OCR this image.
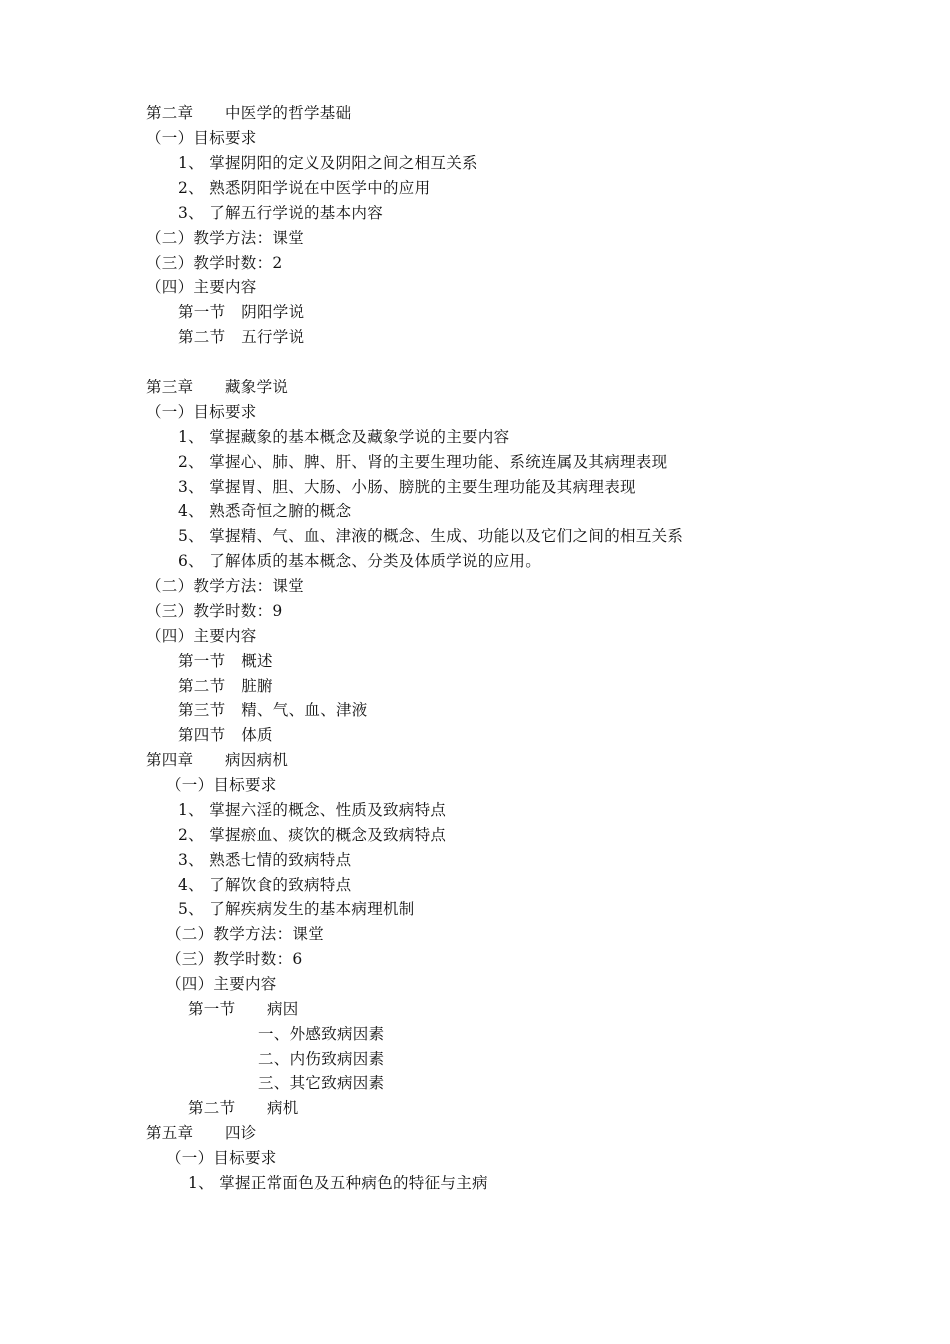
第二章　　中医学的哲学基础
（一）目标要求
1、 掌握阴阳的定义及阴阳之间之相互关系
2、 熟悉阴阳学说在中医学中的应用
3、 了解五行学说的基本内容
（二）教学方法：课堂
（三）教学时数：2
（四）主要内容
第一节　阴阳学说
第二节　五行学说
第三章　　藏象学说
（一）目标要求
1、 掌握藏象的基本概念及藏象学说的主要内容
2、 掌握心、肺、脾、肝、肾的主要生理功能、系统连属及其病理表现
3、 掌握胃、胆、大肠、小肠、膀胱的主要生理功能及其病理表现
4、 熟悉奇恒之腑的概念
5、 掌握精、气、血、津液的概念、生成、功能以及它们之间的相互关系
6、 了解体质的基本概念、分类及体质学说的应用。
（二）教学方法：课堂
（三）教学时数：9
（四）主要内容
第一节　概述
第二节　脏腑
第三节　精、气、血、津液
第四节　体质
第四章　　病因病机
（一）目标要求
1、 掌握六淫的概念、性质及致病特点
2、 掌握瘀血、痰饮的概念及致病特点
3、 熟悉七情的致病特点
4、 了解饮食的致病特点
5、 了解疾病发生的基本病理机制
（二）教学方法：课堂
（三）教学时数：6
（四）主要内容
第一节　　病因
一、外感致病因素
二、内伤致病因素
三、其它致病因素
第二节　　病机
第五章　　四诊
（一）目标要求
1、 掌握正常面色及五种病色的特征与主病
